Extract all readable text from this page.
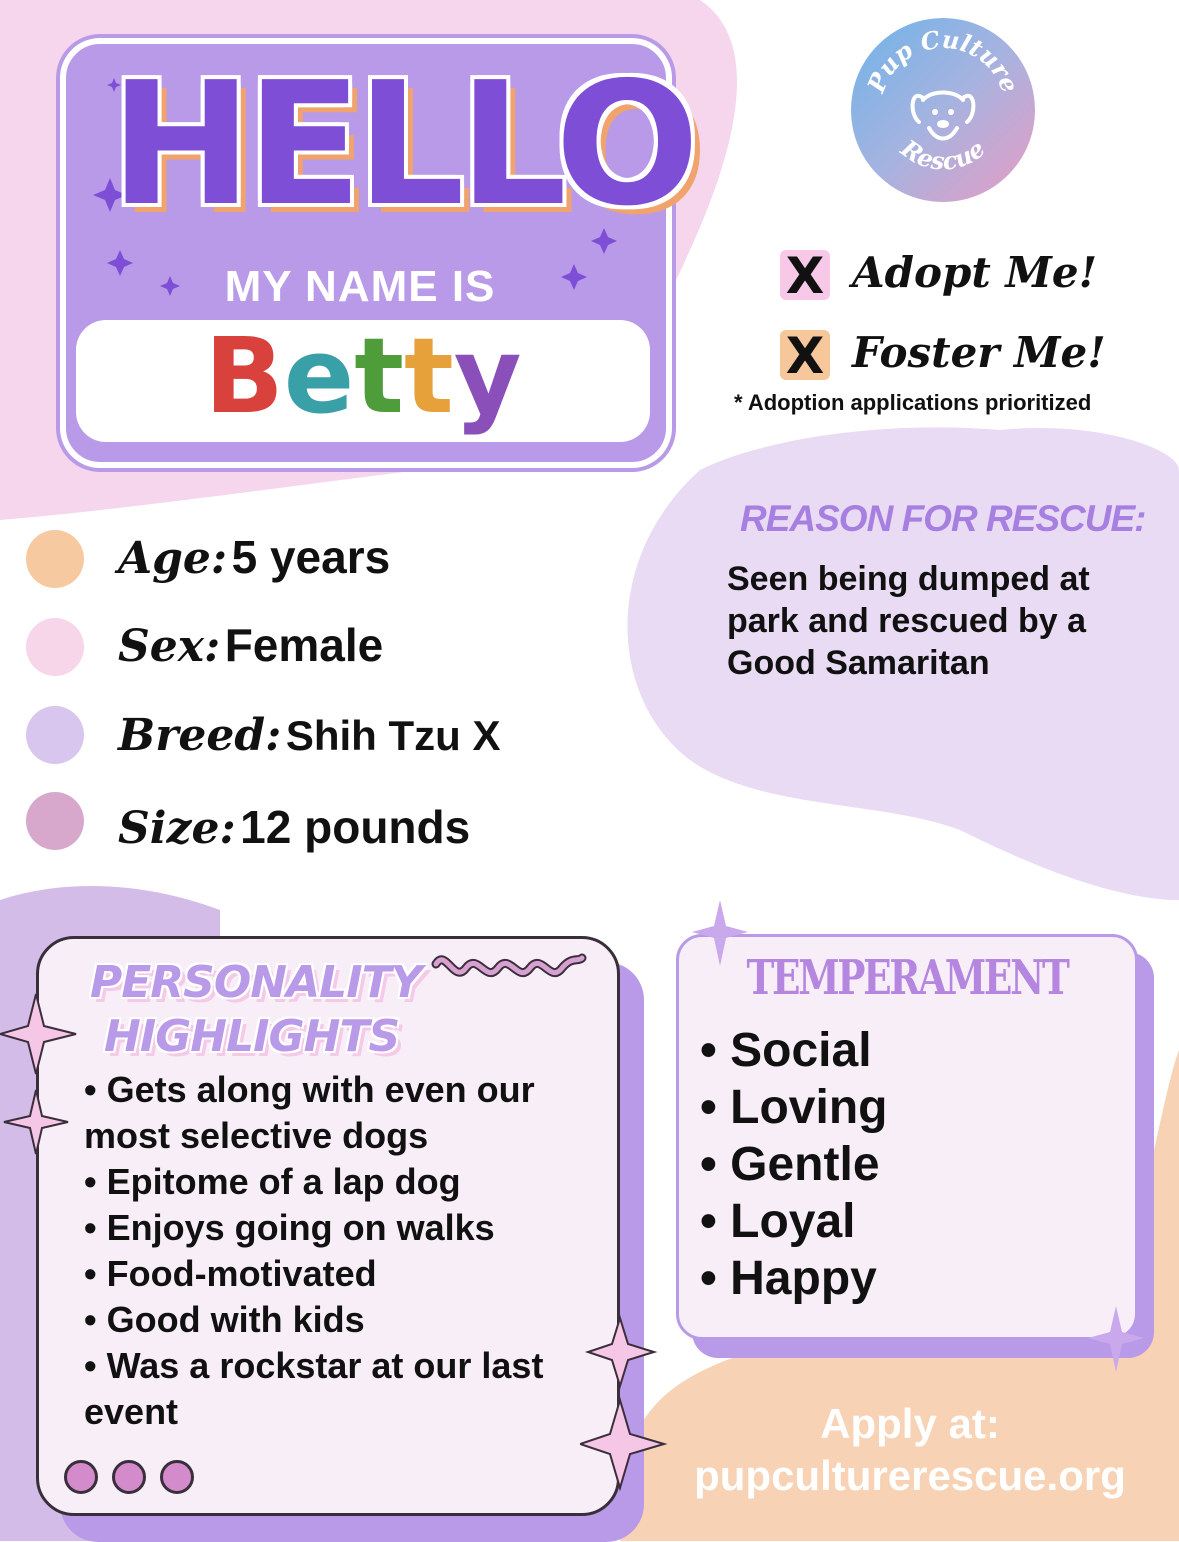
HELLO
MY NAME IS
Betty
Pup Culture
Rescue
X Adopt Me!
X Foster Me!
* Adoption applications prioritized
Age: 5 years
Sex: Female
Breed: Shih Tzu X
Size: 12 pounds
REASON FOR RESCUE:
Seen being dumped at park and rescued by a Good Samaritan
PERSONALITY
HIGHLIGHTS
• Gets along with even our most selective dogs
• Epitome of a lap dog
• Enjoys going on walks
• Food-motivated
• Good with kids
• Was a rockstar at our last event
TEMPERAMENT
• Social
• Loving
• Gentle
• Loyal
• Happy
Apply at:
pupculturerescue.org
